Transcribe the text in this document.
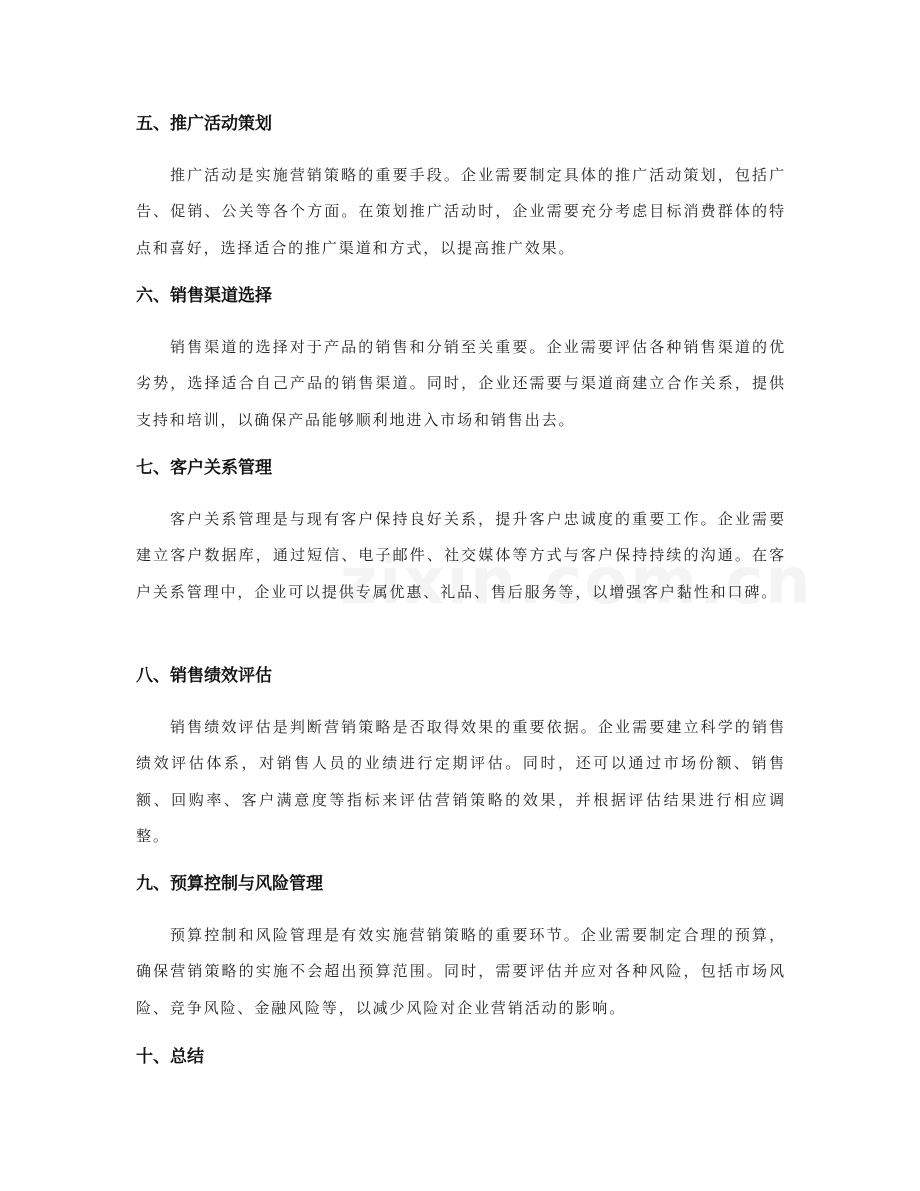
五、推广活动策划

推广活动是实施营销策略的重要手段。企业需要制定具体的推广活动策划，包括广告、促销、公关等各个方面。在策划推广活动时，企业需要充分考虑目标消费群体的特点和喜好，选择适合的推广渠道和方式，以提高推广效果。

六、销售渠道选择

销售渠道的选择对于产品的销售和分销至关重要。企业需要评估各种销售渠道的优劣势，选择适合自己产品的销售渠道。同时，企业还需要与渠道商建立合作关系，提供支持和培训，以确保产品能够顺利地进入市场和销售出去。

七、客户关系管理

客户关系管理是与现有客户保持良好关系，提升客户忠诚度的重要工作。企业需要建立客户数据库，通过短信、电子邮件、社交媒体等方式与客户保持持续的沟通。在客户关系管理中，企业可以提供专属优惠、礼品、售后服务等，以增强客户黏性和口碑。

八、销售绩效评估

销售绩效评估是判断营销策略是否取得效果的重要依据。企业需要建立科学的销售绩效评估体系，对销售人员的业绩进行定期评估。同时，还可以通过市场份额、销售额、回购率、客户满意度等指标来评估营销策略的效果，并根据评估结果进行相应调整。

九、预算控制与风险管理

预算控制和风险管理是有效实施营销策略的重要环节。企业需要制定合理的预算，确保营销策略的实施不会超出预算范围。同时，需要评估并应对各种风险，包括市场风险、竞争风险、金融风险等，以减少风险对企业营销活动的影响。

十、总结
